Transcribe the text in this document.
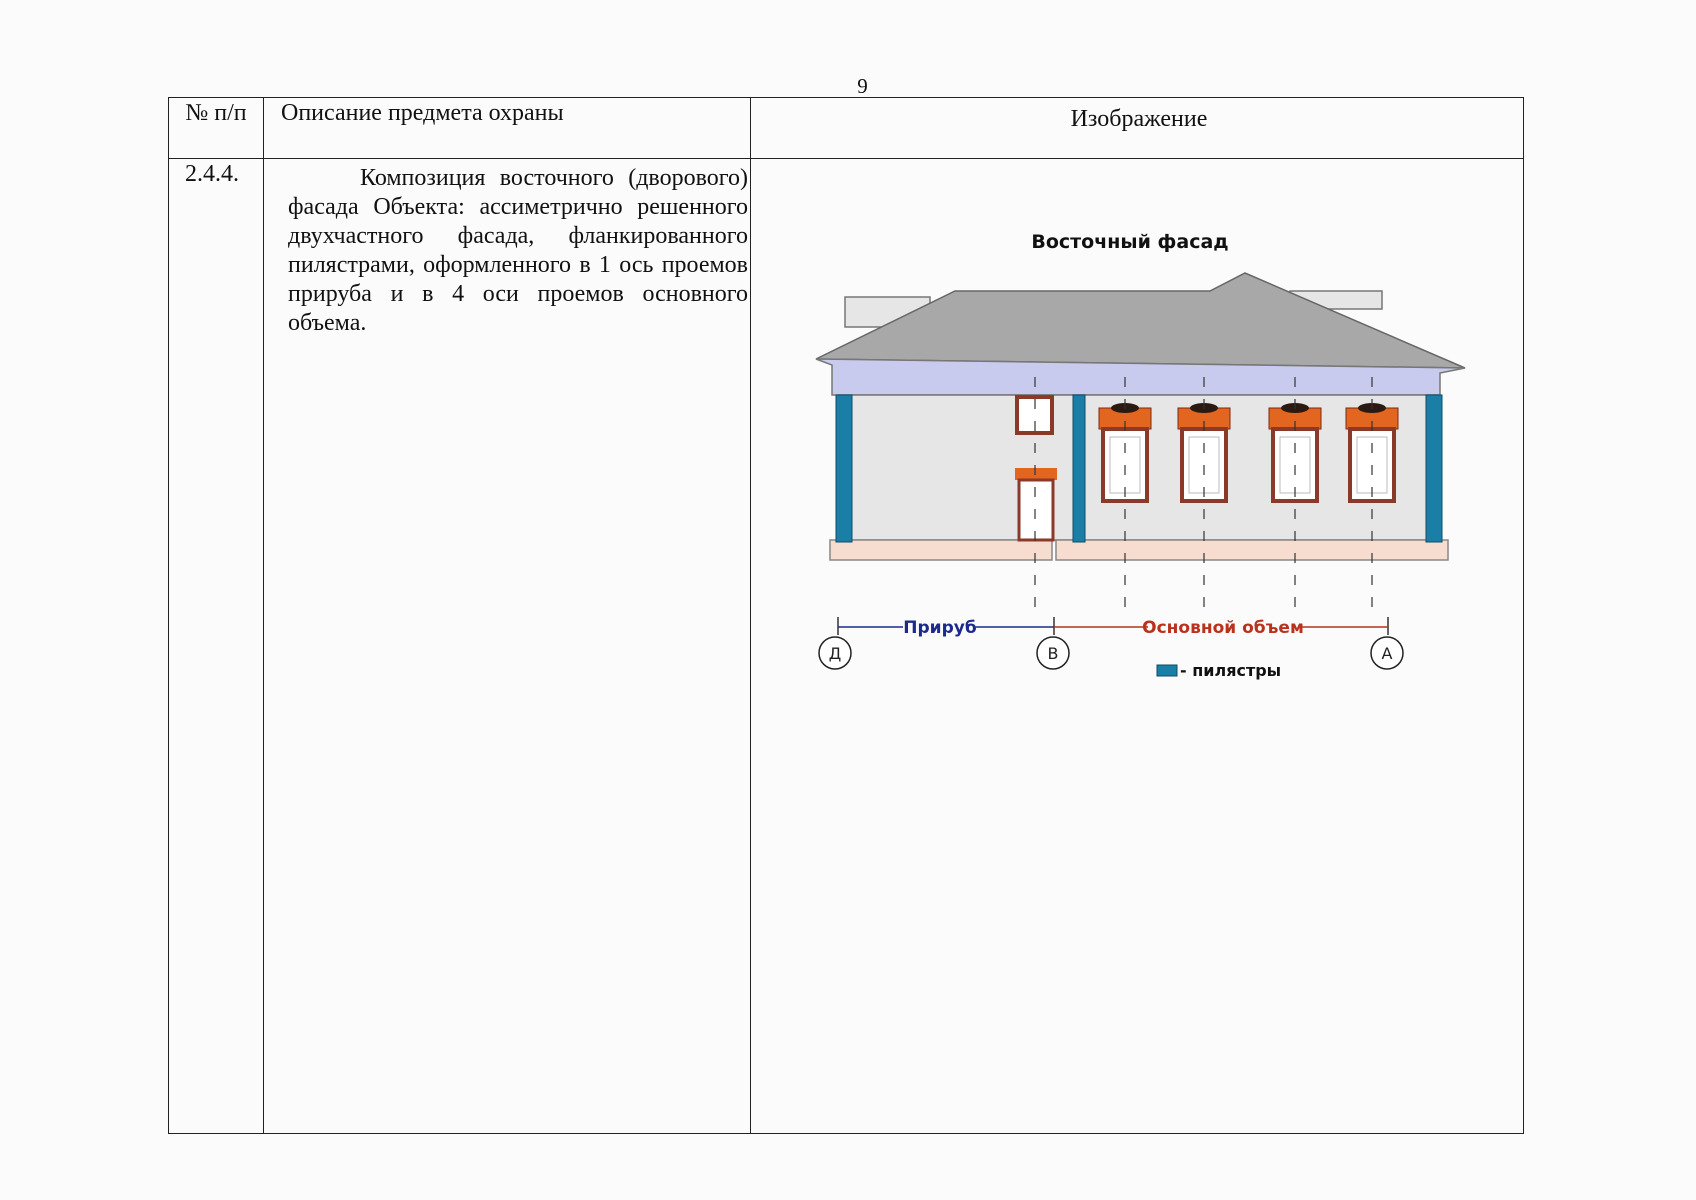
9
№ п/п	Описание предмета охраны	Изображение
2.4.4.	Композиция восточного (дворового) фасада Объекта: ассиметрично решенного двухчастного фасада, фланкированного пилястрами, оформленного в 1 ось проемов прируба и в 4 оси проемов основного объема.
Восточный фасад
Прируб	Основной объем
Д	В	А
- пилястры
